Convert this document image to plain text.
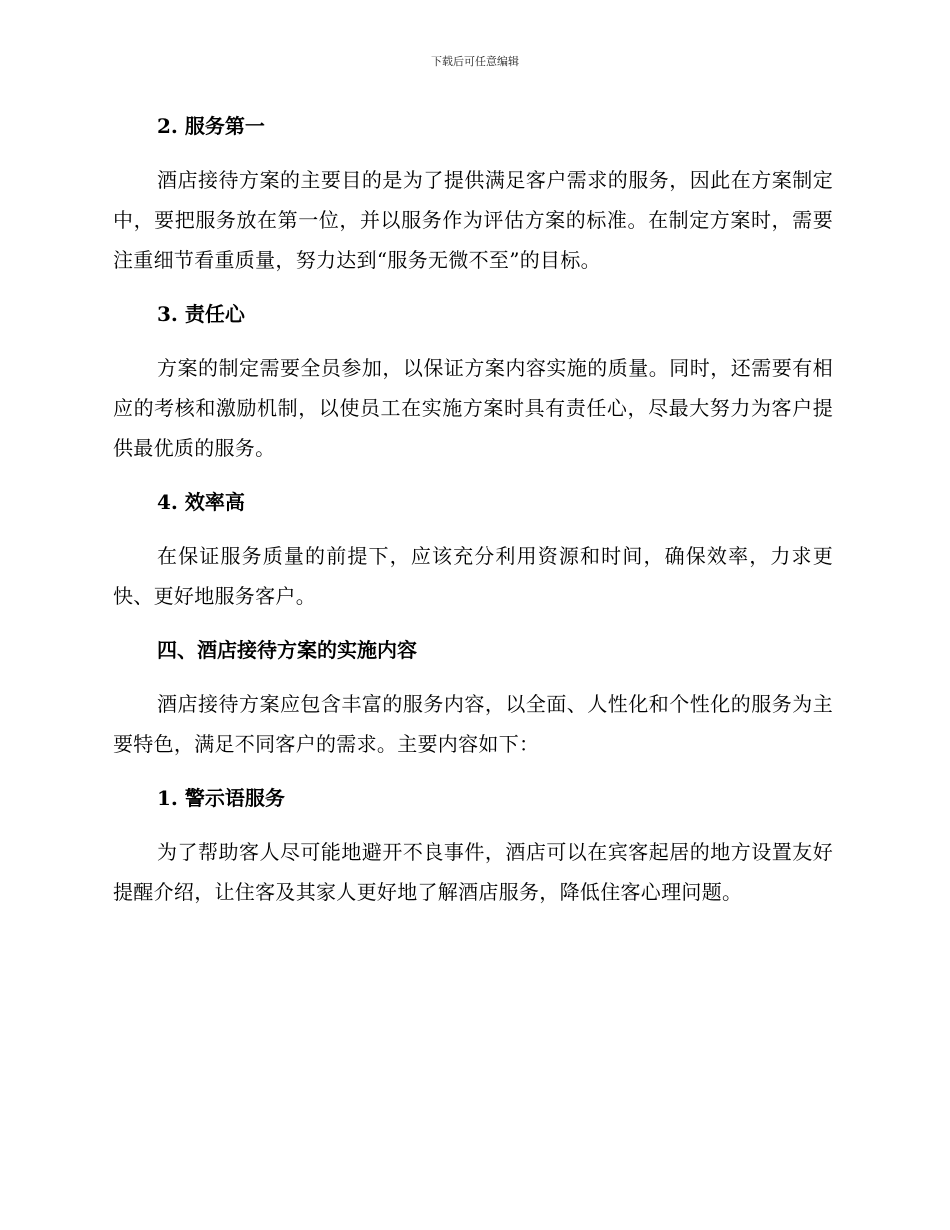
下载后可任意编辑
2. 服务第一
酒店接待方案的主要目的是为了提供满足客户需求的服务，因此在方案制定中，要把服务放在第一位，并以服务作为评估方案的标准。在制定方案时，需要注重细节看重质量，努力达到“服务无微不至”的目标。
3. 责任心
方案的制定需要全员参加，以保证方案内容实施的质量。同时，还需要有相应的考核和激励机制，以使员工在实施方案时具有责任心，尽最大努力为客户提供最优质的服务。
4. 效率高
在保证服务质量的前提下，应该充分利用资源和时间，确保效率，力求更快、更好地服务客户。
四、酒店接待方案的实施内容
酒店接待方案应包含丰富的服务内容，以全面、人性化和个性化的服务为主要特色，满足不同客户的需求。主要内容如下：
1. 警示语服务
为了帮助客人尽可能地避开不良事件，酒店可以在宾客起居的地方设置友好提醒介绍，让住客及其家人更好地了解酒店服务，降低住客心理问题。
